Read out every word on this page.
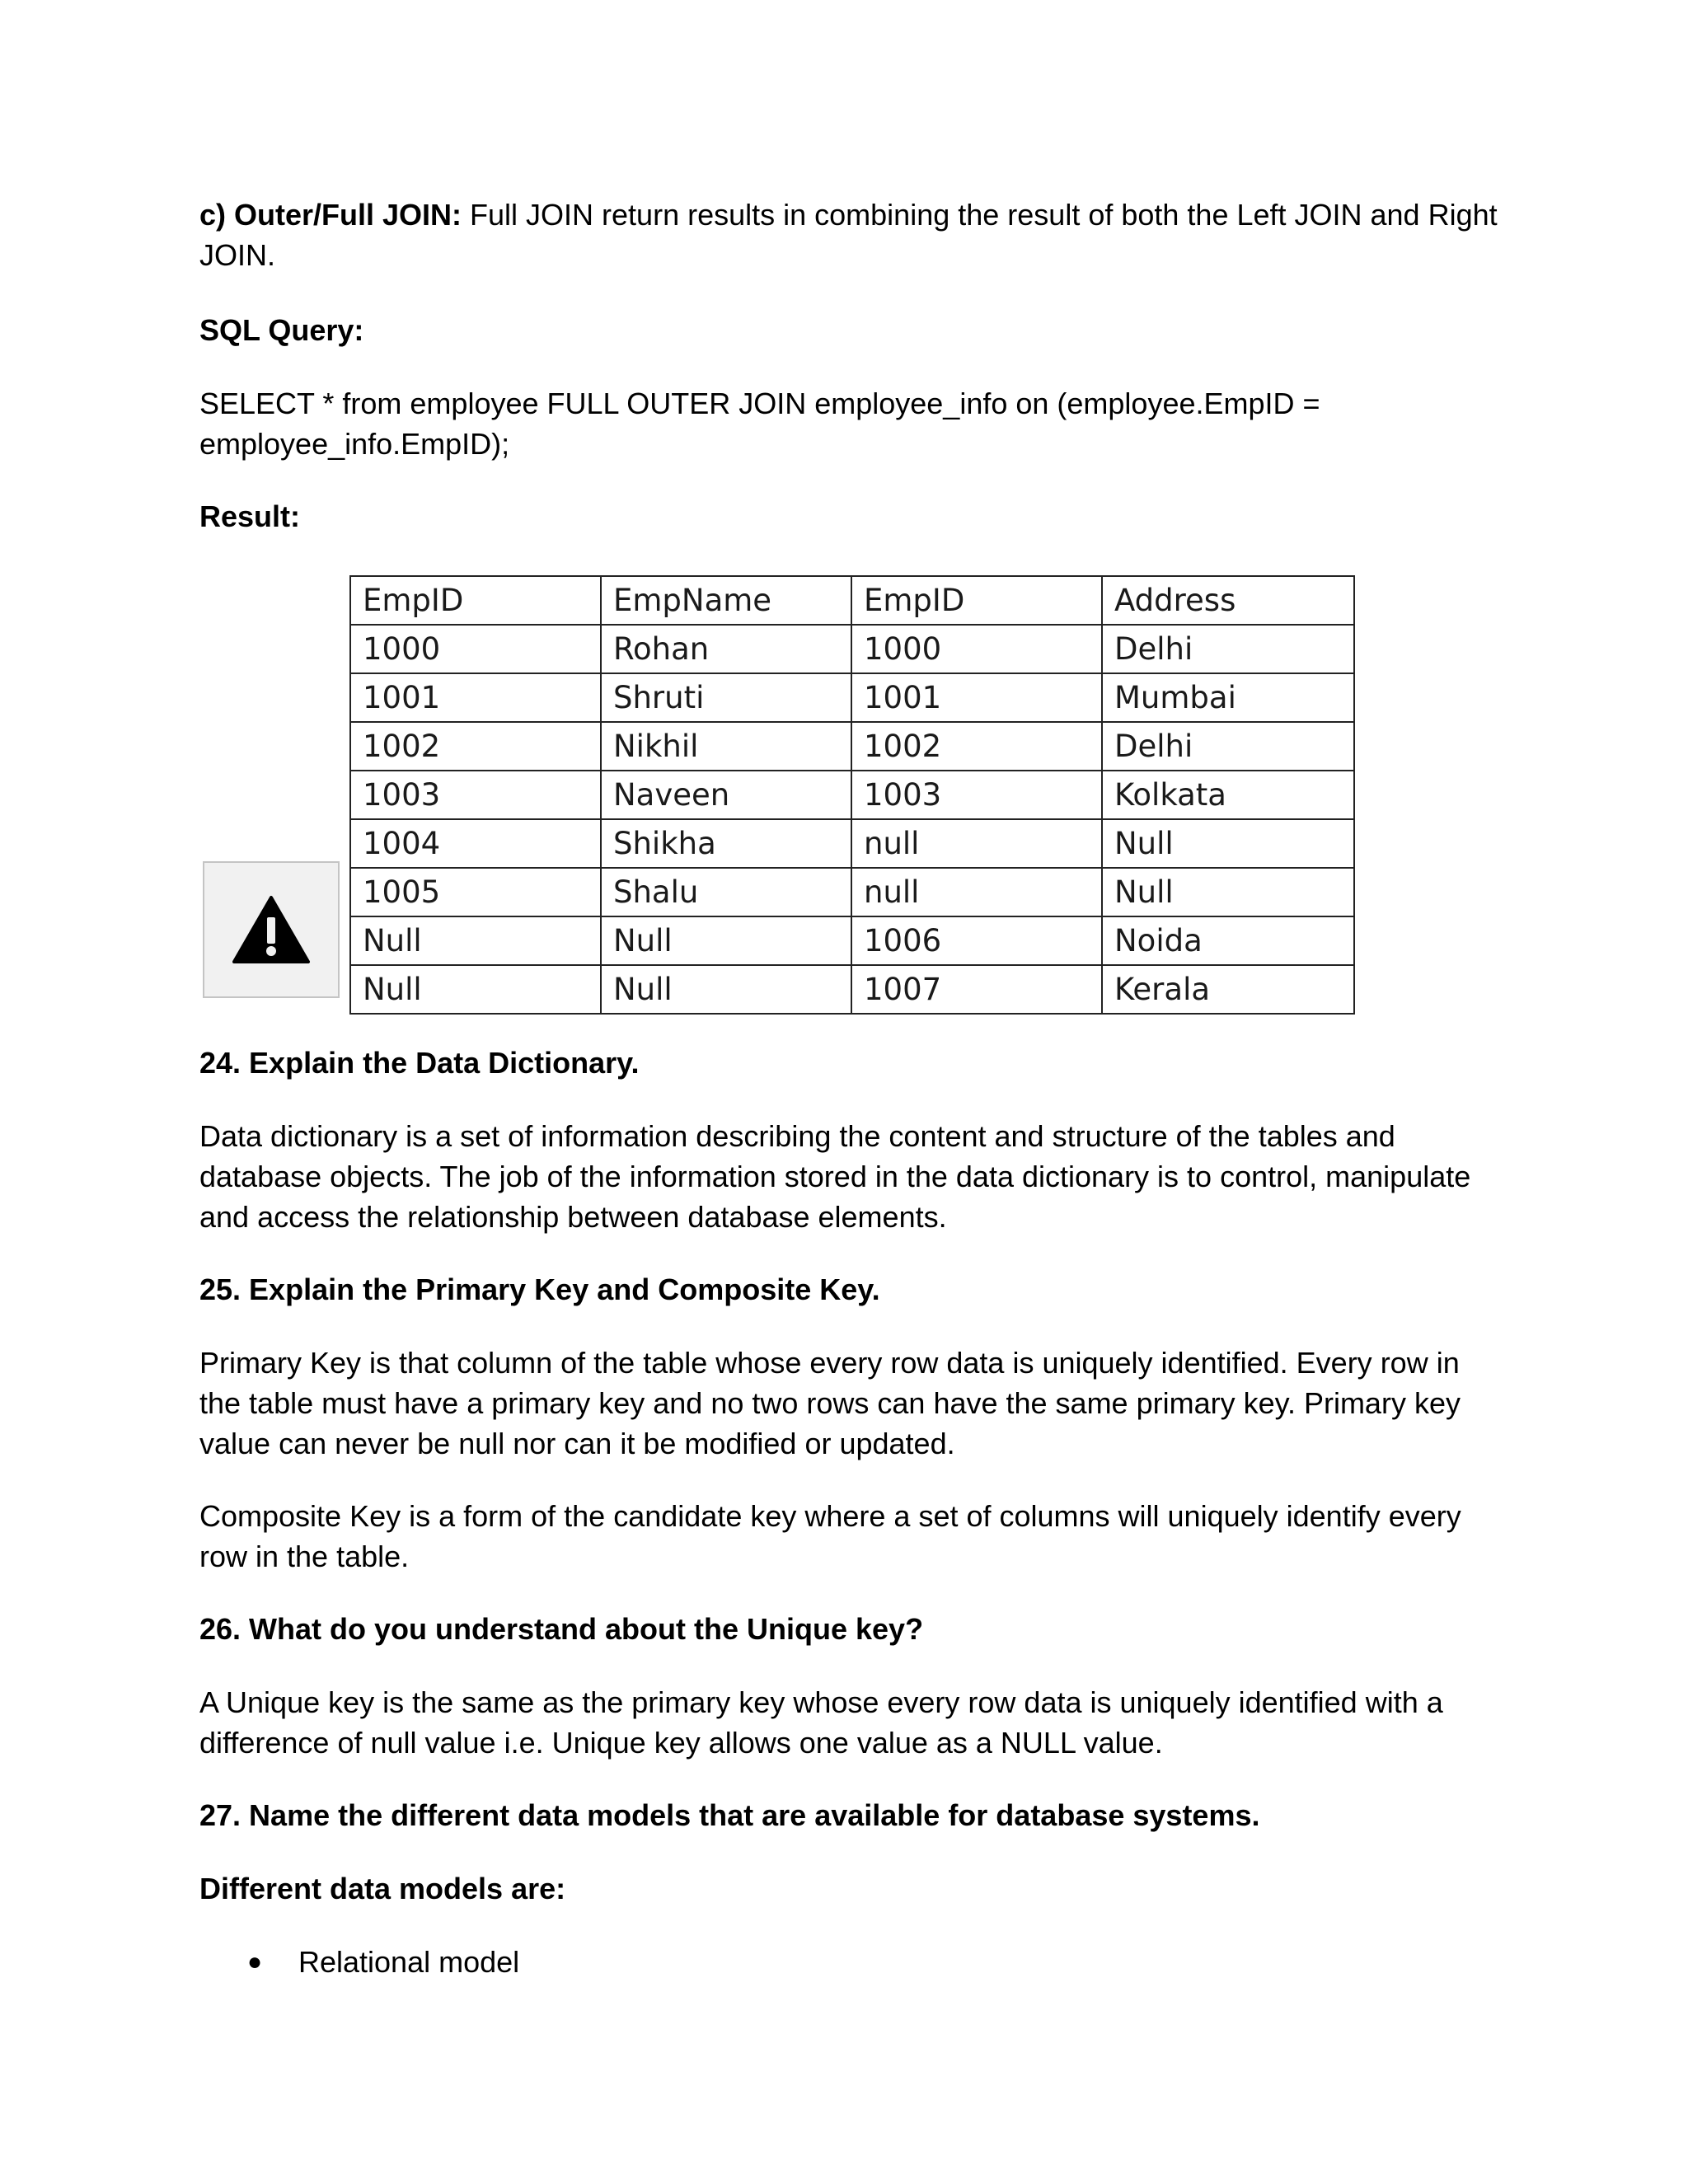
c) Outer/Full JOIN: Full JOIN return results in combining the result of both the Left JOIN and Right JOIN.

SQL Query:

SELECT * from employee FULL OUTER JOIN employee_info on (employee.EmpID = employee_info.EmpID);

Result:

EmpID	EmpName	EmpID	Address
1000	Rohan	1000	Delhi
1001	Shruti	1001	Mumbai
1002	Nikhil	1002	Delhi
1003	Naveen	1003	Kolkata
1004	Shikha	null	Null
1005	Shalu	null	Null
Null	Null	1006	Noida
Null	Null	1007	Kerala

24. Explain the Data Dictionary.

Data dictionary is a set of information describing the content and structure of the tables and database objects. The job of the information stored in the data dictionary is to control, manipulate and access the relationship between database elements.

25. Explain the Primary Key and Composite Key.

Primary Key is that column of the table whose every row data is uniquely identified. Every row in the table must have a primary key and no two rows can have the same primary key. Primary key value can never be null nor can it be modified or updated.

Composite Key is a form of the candidate key where a set of columns will uniquely identify every row in the table.

26. What do you understand about the Unique key?

A Unique key is the same as the primary key whose every row data is uniquely identified with a difference of null value i.e. Unique key allows one value as a NULL value.

27. Name the different data models that are available for database systems.

Different data models are:

●	Relational model
